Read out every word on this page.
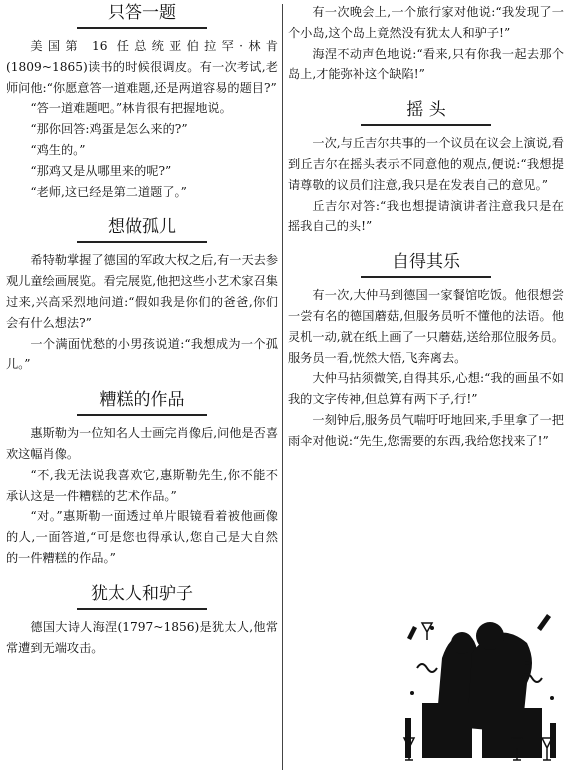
只答一题

美国第 16 任总统亚伯拉罕·林肯(1809~1865)读书的时候很调皮。有一次考试,老师问他:“你愿意答一道难题,还是两道容易的题目?”

“答一道难题吧。”林肯很有把握地说。

“那你回答:鸡蛋是怎么来的?”

“鸡生的。”

“那鸡又是从哪里来的呢?”

“老师,这已经是第二道题了。”

想做孤儿

希特勒掌握了德国的军政大权之后,有一天去参观儿童绘画展览。看完展览,他把这些小艺术家召集过来,兴高采烈地问道:“假如我是你们的爸爸,你们会有什么想法?”

一个满面忧愁的小男孩说道:“我想成为一个孤儿。”

糟糕的作品

惠斯勒为一位知名人士画完肖像后,问他是否喜欢这幅肖像。

“不,我无法说我喜欢它,惠斯勒先生,你不能不承认这是一件糟糕的艺术作品。”

“对。”惠斯勒一面透过单片眼镜看着被他画像的人,一面答道,“可是您也得承认,您自己是大自然的一件糟糕的作品。”

犹太人和驴子

德国大诗人海涅(1797~1856)是犹太人,他常常遭到无端攻击。

有一次晚会上,一个旅行家对他说:“我发现了一个小岛,这个岛上竟然没有犹太人和驴子!”

海涅不动声色地说:“看来,只有你我一起去那个岛上,才能弥补这个缺陷!”

摇 头

一次,与丘吉尔共事的一个议员在议会上演说,看到丘吉尔在摇头表示不同意他的观点,便说:“我想提请尊敬的议员们注意,我只是在发表自己的意见。”

丘吉尔对答:“我也想提请演讲者注意我只是在摇我自己的头!”

自得其乐

有一次,大仲马到德国一家餐馆吃饭。他很想尝一尝有名的德国蘑菇,但服务员听不懂他的法语。他灵机一动,就在纸上画了一只蘑菇,送给那位服务员。服务员一看,恍然大悟,飞奔离去。

大仲马拈须微笑,自得其乐,心想:“我的画虽不如我的文字传神,但总算有两下子,行!”

一刻钟后,服务员气喘吁吁地回来,手里拿了一把雨伞对他说:“先生,您需要的东西,我给您找来了!”
